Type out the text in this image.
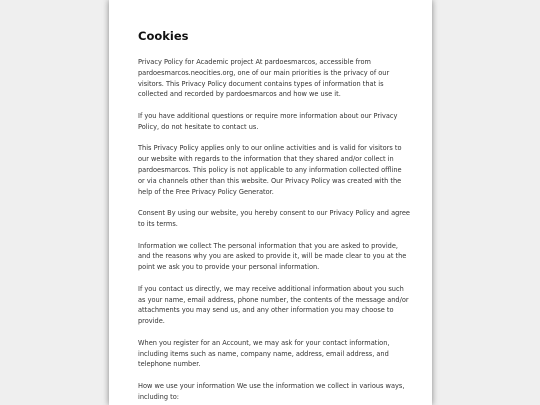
Cookies

Privacy Policy for Academic project At pardoesmarcos, accessible from pardoesmarcos.neocities.org, one of our main priorities is the privacy of our visitors. This Privacy Policy document contains types of information that is collected and recorded by pardoesmarcos and how we use it.

If you have additional questions or require more information about our Privacy Policy, do not hesitate to contact us.

This Privacy Policy applies only to our online activities and is valid for visitors to our website with regards to the information that they shared and/or collect in pardoesmarcos. This policy is not applicable to any information collected offline or via channels other than this website. Our Privacy Policy was created with the help of the Free Privacy Policy Generator.

Consent By using our website, you hereby consent to our Privacy Policy and agree to its terms.

Information we collect The personal information that you are asked to provide, and the reasons why you are asked to provide it, will be made clear to you at the point we ask you to provide your personal information.

If you contact us directly, we may receive additional information about you such as your name, email address, phone number, the contents of the message and/or attachments you may send us, and any other information you may choose to provide.

When you register for an Account, we may ask for your contact information, including items such as name, company name, address, email address, and telephone number.

How we use your information We use the information we collect in various ways, including to:
